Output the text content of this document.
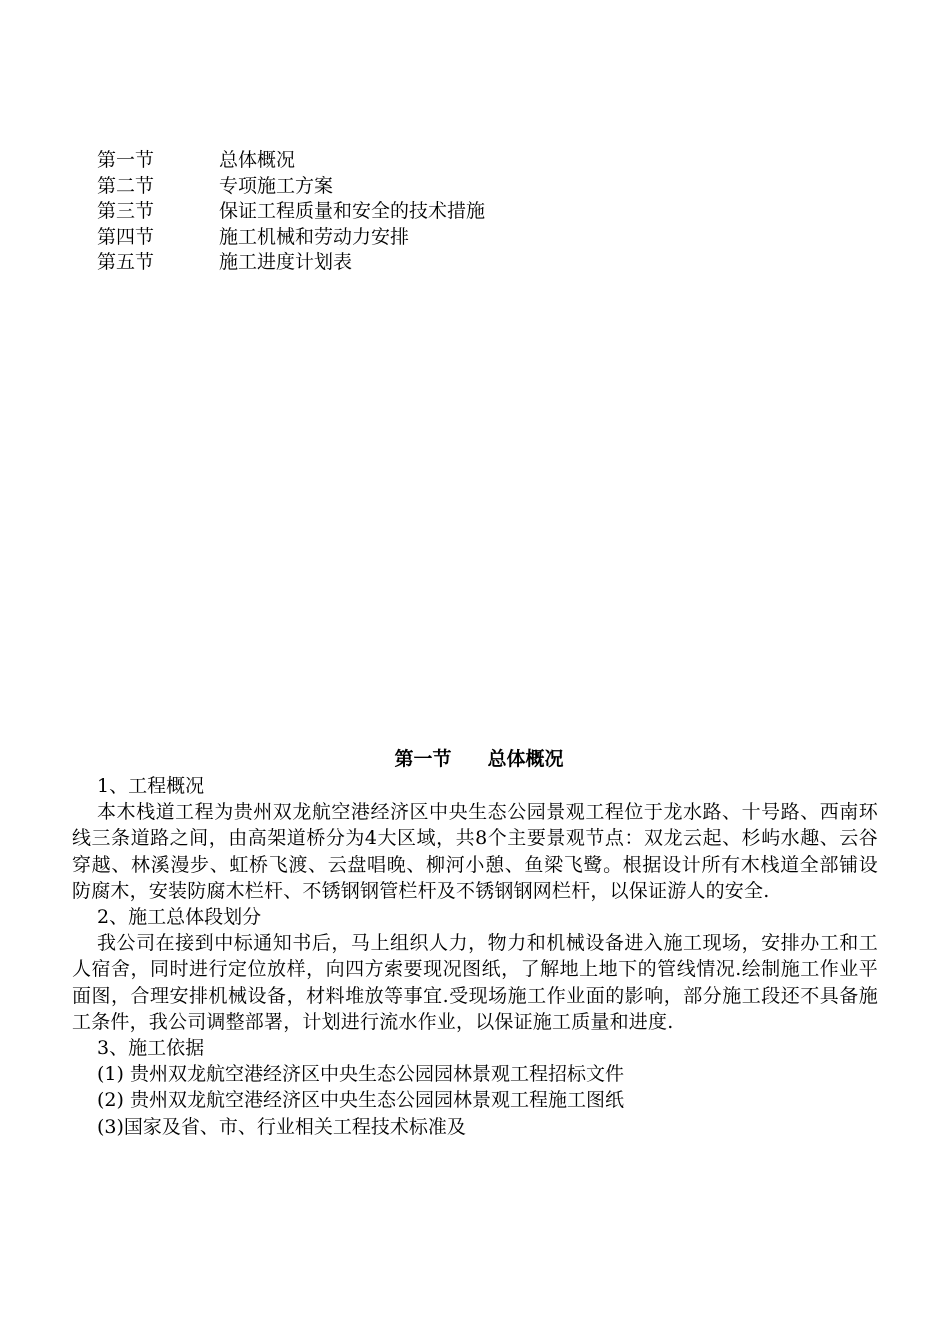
第一节	总体概况
第二节	专项施工方案
第三节	保证工程质量和安全的技术措施
第四节	施工机械和劳动力安排
第五节	施工进度计划表
第一节 总体概况
1、工程概况
本木栈道工程为贵州双龙航空港经济区中央生态公园景观工程位于龙水路、十号路、西南环线三条道路之间，由高架道桥分为4大区域，共8个主要景观节点：双龙云起、杉屿水趣、云谷穿越、林溪漫步、虹桥飞渡、云盘唱晚、柳河小憩、鱼梁飞鹭。根据设计所有木栈道全部铺设防腐木，安装防腐木栏杆、不锈钢钢管栏杆及不锈钢钢网栏杆，以保证游人的安全.
2、施工总体段划分
我公司在接到中标通知书后，马上组织人力，物力和机械设备进入施工现场，安排办工和工人宿舍，同时进行定位放样，向四方索要现况图纸，了解地上地下的管线情况.绘制施工作业平面图，合理安排机械设备，材料堆放等事宜.受现场施工作业面的影响，部分施工段还不具备施工条件，我公司调整部署，计划进行流水作业，以保证施工质量和进度.
3、施工依据
(1) 贵州双龙航空港经济区中央生态公园园林景观工程招标文件
(2) 贵州双龙航空港经济区中央生态公园园林景观工程施工图纸
(3)国家及省、市、行业相关工程技术标准及
